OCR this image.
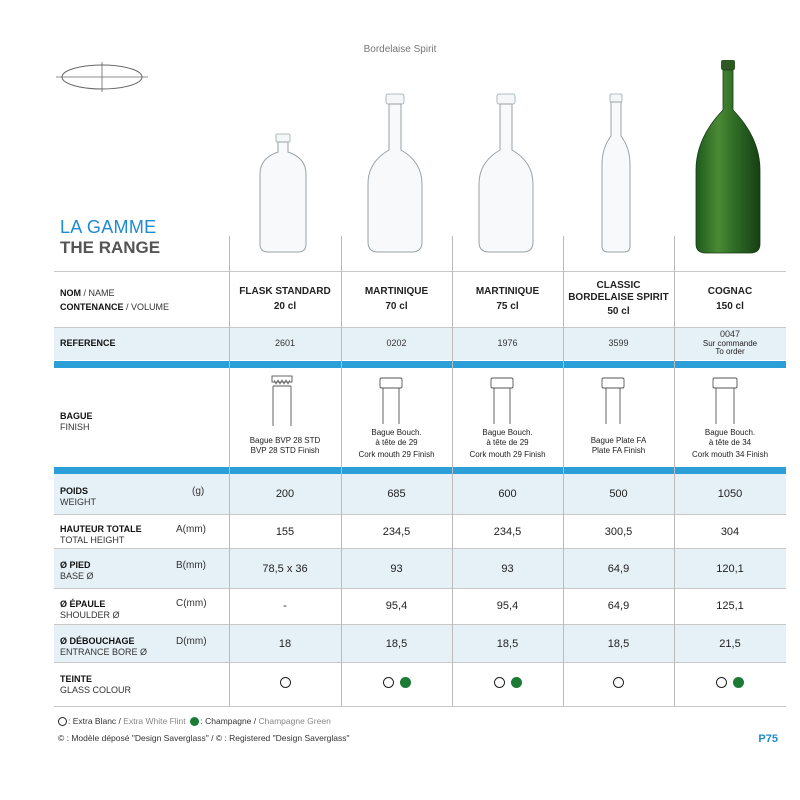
Bordelaise Spirit
LA GAMME
THE RANGE
NOM / NAME
CONTENANCE / VOLUME
REFERENCE
BAGUE
FINISH
POIDS
WEIGHT
(g)
HAUTEUR TOTALE
TOTAL HEIGHT
A(mm)
Ø PIED
BASE Ø
B(mm)
Ø ÉPAULE
SHOULDER Ø
C(mm)
Ø DÉBOUCHAGE
ENTRANCE BORE Ø
D(mm)
TEINTE
GLASS COLOUR
FLASK STANDARD
20 cl
2601
Bague BVP 28 STD
BVP 28 STD Finish
200
155
78,5 x 36
-
18
MARTINIQUE
70 cl
0202
Bague Bouch.
à tête de 29
Cork mouth 29 Finish
685
234,5
93
95,4
18,5
MARTINIQUE
75 cl
1976
Bague Bouch.
à tête de 29
Cork mouth 29 Finish
600
234,5
93
95,4
18,5
CLASSIC
BORDELAISE SPIRIT
50 cl
3599
Bague Plate FA
Plate FA Finish
500
300,5
64,9
64,9
18,5
COGNAC
150 cl
0047
Sur commande
To order
Bague Bouch.
à tête de 34
Cork mouth 34 Finish
1050
304
120,1
125,1
21,5
: Extra Blanc / Extra White Flint : Champagne / Champagne Green
© : Modèle déposé "Design Saverglass" / © : Registered "Design Saverglass"	P75
